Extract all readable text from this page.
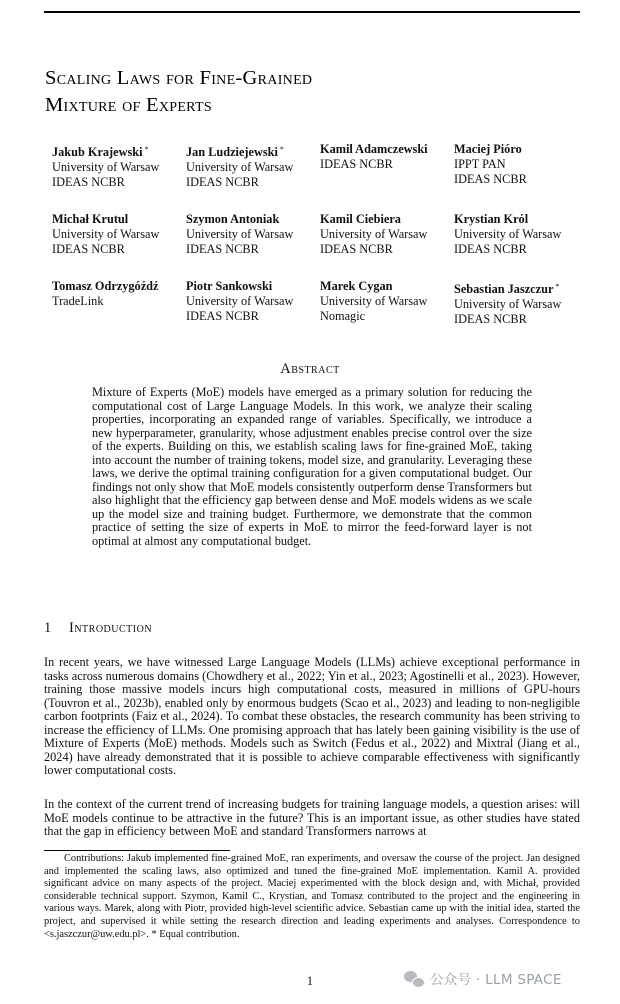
Scaling Laws for Fine-Grained
Mixture of Experts
Jakub Krajewski *
University of Warsaw
IDEAS NCBR
Jan Ludziejewski *
University of Warsaw
IDEAS NCBR
Kamil Adamczewski
IDEAS NCBR
Maciej Pióro
IPPT PAN
IDEAS NCBR
Michał Krutul
University of Warsaw
IDEAS NCBR
Szymon Antoniak
University of Warsaw
IDEAS NCBR
Kamil Ciebiera
University of Warsaw
IDEAS NCBR
Krystian Król
University of Warsaw
IDEAS NCBR
Tomasz Odrzygóźdź
TradeLink
Piotr Sankowski
University of Warsaw
IDEAS NCBR
Marek Cygan
University of Warsaw
Nomagic
Sebastian Jaszczur *
University of Warsaw
IDEAS NCBR
Abstract
Mixture of Experts (MoE) models have emerged as a primary solution for reducing the computational cost of Large Language Models. In this work, we analyze their scaling properties, incorporating an expanded range of variables. Specifically, we introduce a new hyperparameter, granularity, whose adjustment enables precise control over the size of the experts. Building on this, we establish scaling laws for fine-grained MoE, taking into account the number of training tokens, model size, and granularity. Leveraging these laws, we derive the optimal training configuration for a given computational budget. Our findings not only show that MoE models consistently outperform dense Transformers but also highlight that the efficiency gap between dense and MoE models widens as we scale up the model size and training budget. Furthermore, we demonstrate that the common practice of setting the size of experts in MoE to mirror the feed-forward layer is not optimal at almost any computational budget.
1 Introduction
In recent years, we have witnessed Large Language Models (LLMs) achieve exceptional performance in tasks across numerous domains (Chowdhery et al., 2022; Yin et al., 2023; Agostinelli et al., 2023). However, training those massive models incurs high computational costs, measured in millions of GPU-hours (Touvron et al., 2023b), enabled only by enormous budgets (Scao et al., 2023) and leading to non-negligible carbon footprints (Faiz et al., 2024). To combat these obstacles, the research community has been striving to increase the efficiency of LLMs. One promising approach that has lately been gaining visibility is the use of Mixture of Experts (MoE) methods. Models such as Switch (Fedus et al., 2022) and Mixtral (Jiang et al., 2024) have already demonstrated that it is possible to achieve comparable effectiveness with significantly lower computational costs.
In the context of the current trend of increasing budgets for training language models, a question arises: will MoE models continue to be attractive in the future? This is an important issue, as other studies have stated that the gap in efficiency between MoE and standard Transformers narrows at
Contributions: Jakub implemented fine-grained MoE, ran experiments, and oversaw the course of the project. Jan designed and implemented the scaling laws, also optimized and tuned the fine-grained MoE implementation. Kamil A. provided significant advice on many aspects of the project. Maciej experimented with the block design and, with Michał, provided considerable technical support. Szymon, Kamil C., Krystian, and Tomasz contributed to the project and the engineering in various ways. Marek, along with Piotr, provided high-level scientific advice. Sebastian came up with the initial idea, started the project, and supervised it while setting the research direction and leading experiments and analyses. Correspondence to <s.jaszczur@uw.edu.pl>. * Equal contribution.
1	公众号 · LLM SPACE
